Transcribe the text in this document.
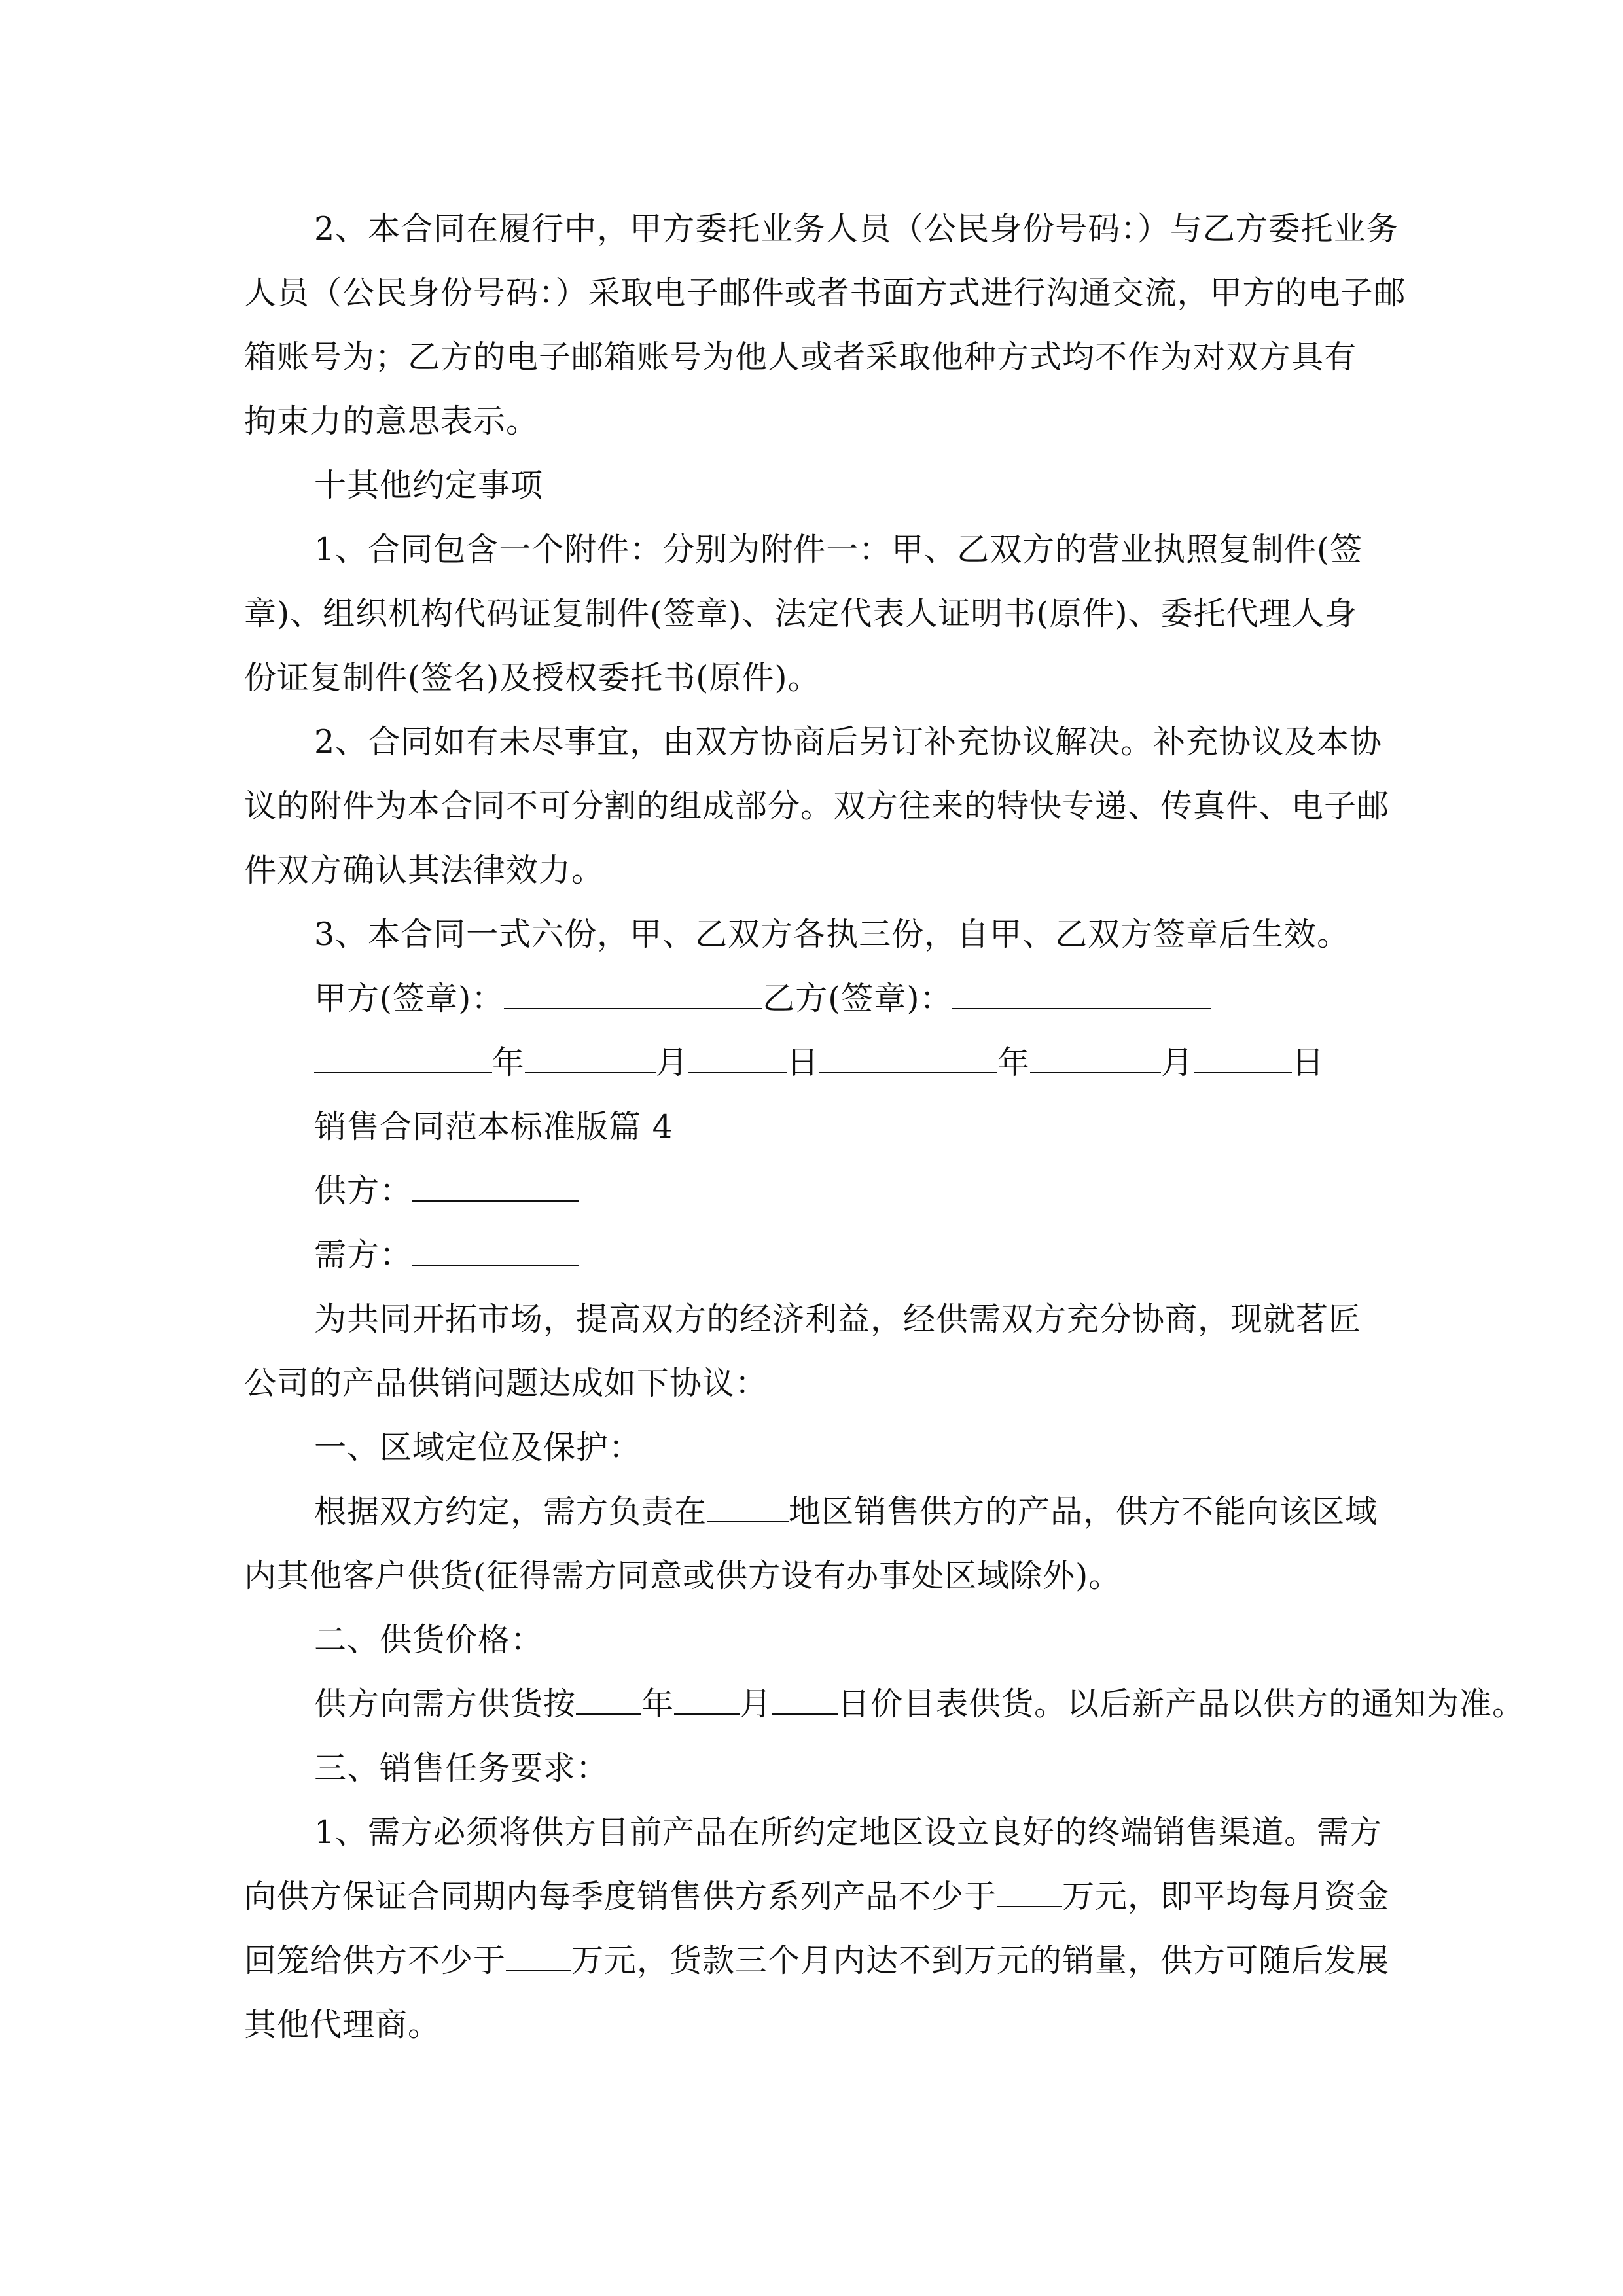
2、本合同在履行中，甲方委托业务人员（公民身份号码：）与乙方委托业务
人员（公民身份号码：）采取电子邮件或者书面方式进行沟通交流，甲方的电子邮
箱账号为；乙方的电子邮箱账号为他人或者采取他种方式均不作为对双方具有
拘束力的意思表示。
十其他约定事项
1、合同包含一个附件：分别为附件一：甲、乙双方的营业执照复制件(签
章)、组织机构代码证复制件(签章)、法定代表人证明书(原件)、委托代理人身
份证复制件(签名)及授权委托书(原件)。
2、合同如有未尽事宜，由双方协商后另订补充协议解决。补充协议及本协
议的附件为本合同不可分割的组成部分。双方往来的特快专递、传真件、电子邮
件双方确认其法律效力。
3、本合同一式六份，甲、乙双方各执三份，自甲、乙双方签章后生效。
甲方(签章)：	乙方(签章)：
年	月	日	年	月	日
销售合同范本标准版篇 4
供方：
需方：
为共同开拓市场，提高双方的经济利益，经供需双方充分协商，现就茗匠
公司的产品供销问题达成如下协议：
一、区域定位及保护：
根据双方约定，需方负责在	地区销售供方的产品，供方不能向该区域
内其他客户供货(征得需方同意或供方设有办事处区域除外)。
二、供货价格：
供方向需方供货按 年 月 日价目表供货。以后新产品以供方的通知为准。
三、销售任务要求：
1、需方必须将供方目前产品在所约定地区设立良好的终端销售渠道。需方
向供方保证合同期内每季度销售供方系列产品不少于 万元，即平均每月资金
回笼给供方不少于 万元，货款三个月内达不到万元的销量，供方可随后发展
其他代理商。
